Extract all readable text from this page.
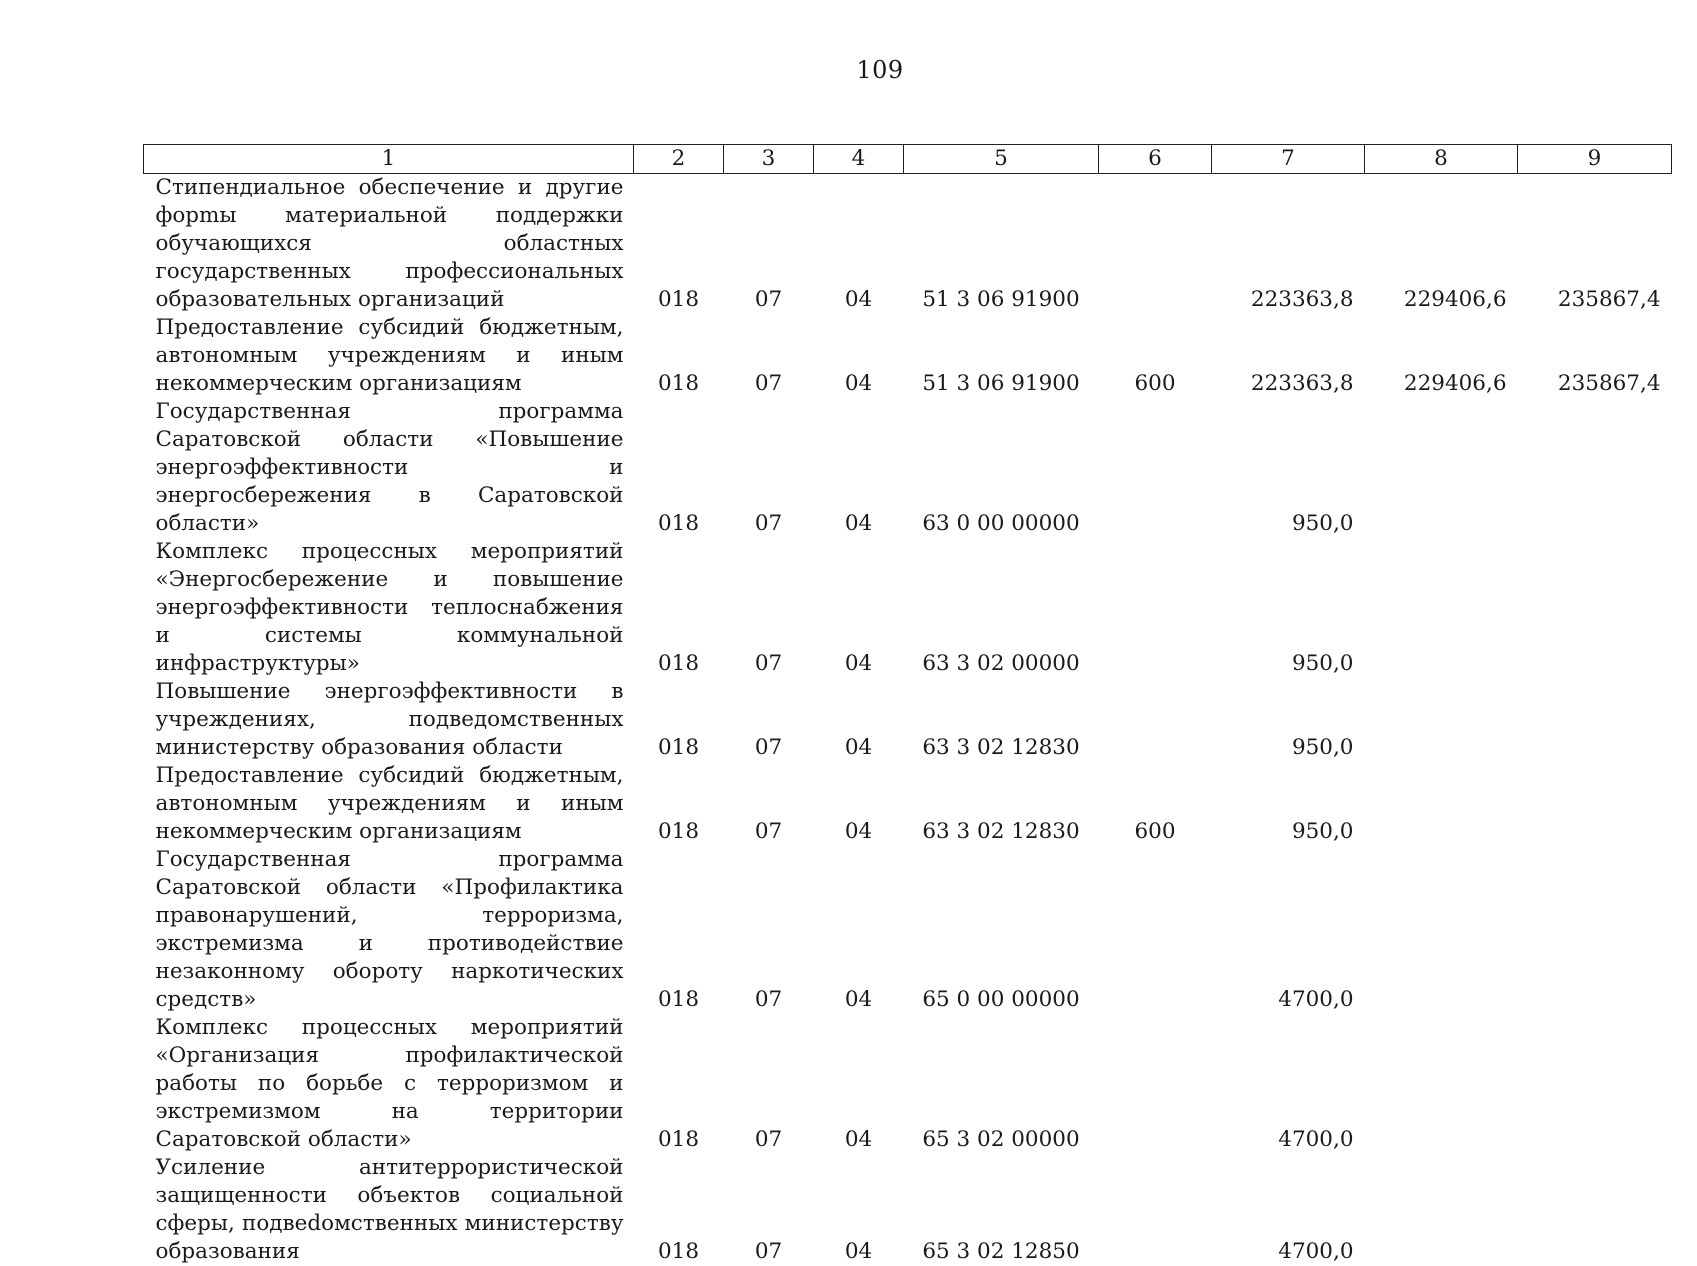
109
1	2	3	4	5	6	7	8	9
Стипендиальное обеспечение и другие форmы материальной поддержки обучающихся областных государственных профессиональных образовательных организаций	018	07	04	51 3 06 91900		223363,8	229406,6	235867,4
Предоставление субсидий бюджетным, автономным учреждениям и иным некоммерческим организациям	018	07	04	51 3 06 91900	600	223363,8	229406,6	235867,4
Государственная программа Саратовской области «Повышение энергоэффективности и энергосбережения в Саратовской области»	018	07	04	63 0 00 00000		950,0		
Комплекс процессных мероприятий «Энергосбережение и повышение энергоэффективности теплоснабжения и системы коммунальной инфраструктуры»	018	07	04	63 3 02 00000		950,0		
Повышение энергоэффективности в учреждениях, подведомственных министерству образования области	018	07	04	63 3 02 12830		950,0		
Предоставление субсидий бюджетным, автономным учреждениям и иным некоммерческим организациям	018	07	04	63 3 02 12830	600	950,0		
Государственная программа Саратовской области «Профилактика правонарушений, терроризма, экстремизма и противодействие незаконному обороту наркотических средств»	018	07	04	65 0 00 00000		4700,0		
Комплекс процессных мероприятий «Организация профилактической работы по борьбе с терроризмом и экстремизмом на территории Саратовской области»	018	07	04	65 3 02 00000		4700,0		
Усиление антитеррористической защищенности объектов социальной сферы, подвеdомственных министерству образования	018	07	04	65 3 02 12850		4700,0		
